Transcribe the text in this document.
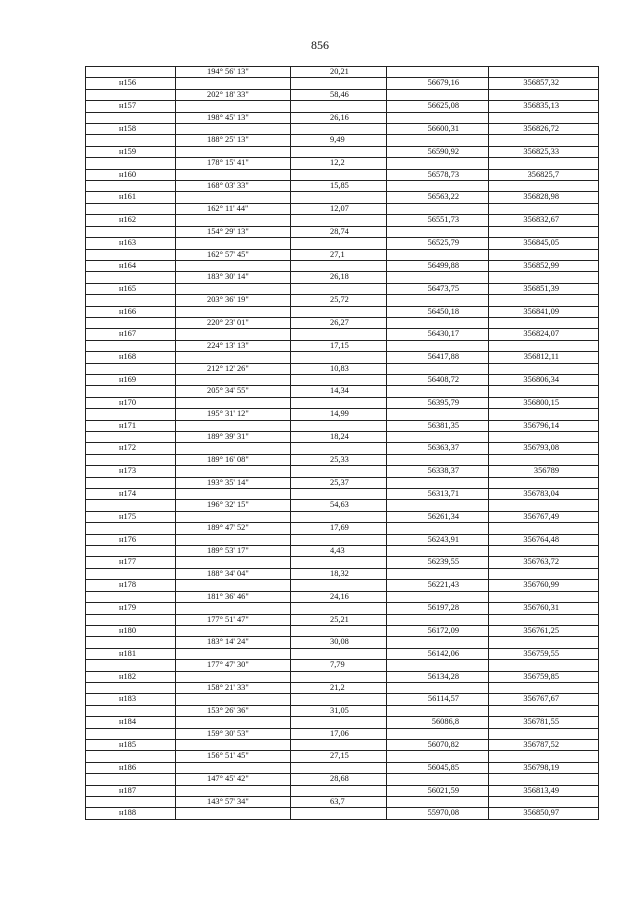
856
	194° 56' 13"	20,21		
н156			56679,16	356857,32
	202° 18' 33"	58,46		
н157			56625,08	356835,13
	198° 45' 13"	26,16		
н158			56600,31	356826,72
	188° 25' 13"	9,49		
н159			56590,92	356825,33
	178° 15' 41"	12,2		
н160			56578,73	356825,7
	168° 03' 33"	15,85		
н161			56563,22	356828,98
	162° 11' 44"	12,07		
н162			56551,73	356832,67
	154° 29' 13"	28,74		
н163			56525,79	356845,05
	162° 57' 45"	27,1		
н164			56499,88	356852,99
	183° 30' 14"	26,18		
н165			56473,75	356851,39
	203° 36' 19"	25,72		
н166			56450,18	356841,09
	220° 23' 01"	26,27		
н167			56430,17	356824,07
	224° 13' 13"	17,15		
н168			56417,88	356812,11
	212° 12' 26"	10,83		
н169			56408,72	356806,34
	205° 34' 55"	14,34		
н170			56395,79	356800,15
	195° 31' 12"	14,99		
н171			56381,35	356796,14
	189° 39' 31"	18,24		
н172			56363,37	356793,08
	189° 16' 08"	25,33		
н173			56338,37	356789
	193° 35' 14"	25,37		
н174			56313,71	356783,04
	196° 32' 15"	54,63		
н175			56261,34	356767,49
	189° 47' 52"	17,69		
н176			56243,91	356764,48
	189° 53' 17"	4,43		
н177			56239,55	356763,72
	188° 34' 04"	18,32		
н178			56221,43	356760,99
	181° 36' 46"	24,16		
н179			56197,28	356760,31
	177° 51' 47"	25,21		
н180			56172,09	356761,25
	183° 14' 24"	30,08		
н181			56142,06	356759,55
	177° 47' 30"	7,79		
н182			56134,28	356759,85
	158° 21' 33"	21,2		
н183			56114,57	356767,67
	153° 26' 36"	31,05		
н184			56086,8	356781,55
	159° 30' 53"	17,06		
н185			56070,82	356787,52
	156° 51' 45"	27,15		
н186			56045,85	356798,19
	147° 45' 42"	28,68		
н187			56021,59	356813,49
	143° 57' 34"	63,7		
н188			55970,08	356850,97
